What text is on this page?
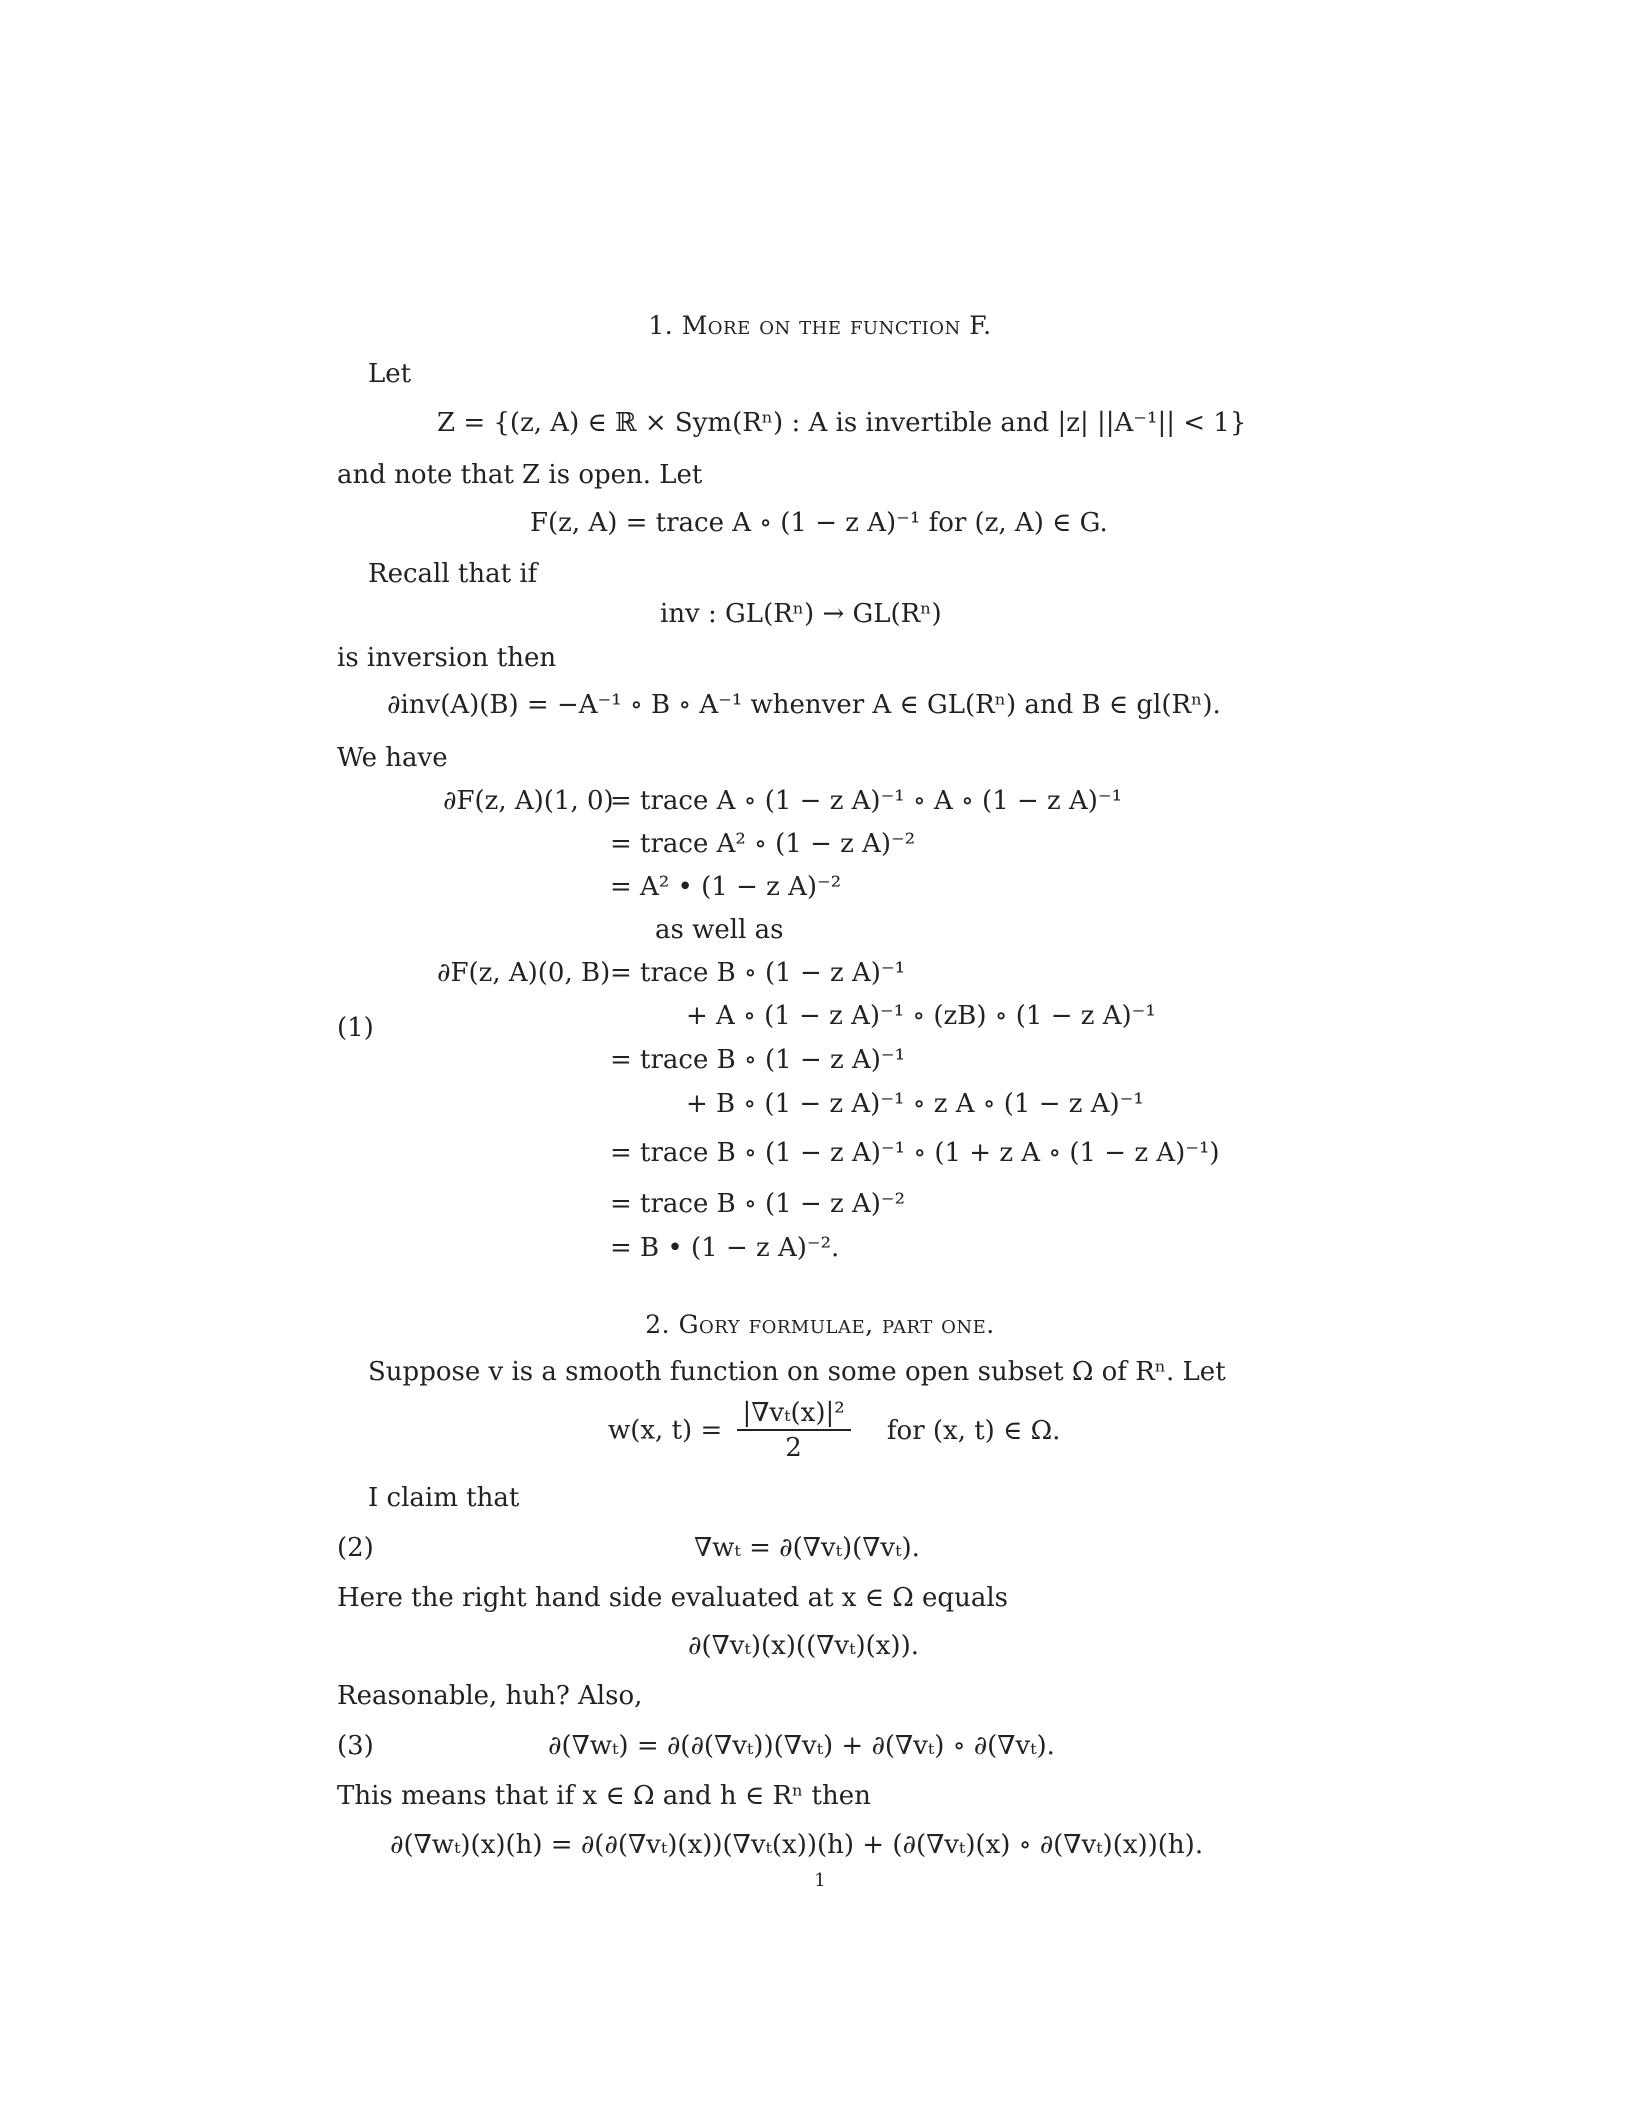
1. More on the function F.
Let
Z = {(z, A) ∈ ℝ × Sym(Rⁿ) : A is invertible and |z| ||A⁻¹|| < 1}
and note that Z is open. Let
F(z, A) = trace A ∘ (1 − z A)⁻¹ for (z, A) ∈ G.
Recall that if
inv : GL(Rⁿ) → GL(Rⁿ)
is inversion then
∂inv(A)(B) = −A⁻¹ ∘ B ∘ A⁻¹ whenver A ∈ GL(Rⁿ) and B ∈ gl(Rⁿ).
We have
∂F(z, A)(1, 0)
= trace A ∘ (1 − z A)⁻¹ ∘ A ∘ (1 − z A)⁻¹
= trace A² ∘ (1 − z A)⁻²
= A² • (1 − z A)⁻²
as well as
∂F(z, A)(0, B) = trace B ∘ (1 − z A)⁻¹
+ A ∘ (1 − z A)⁻¹ ∘ (zB) ∘ (1 − z A)⁻¹
(1)
= trace B ∘ (1 − z A)⁻¹
+ B ∘ (1 − z A)⁻¹ ∘ z A ∘ (1 − z A)⁻¹
= trace B ∘ (1 − z A)⁻¹ ∘ (1 + z A ∘ (1 − z A)⁻¹)
= trace B ∘ (1 − z A)⁻²
= B • (1 − z A)⁻².
2. Gory formulae, part one.
Suppose v is a smooth function on some open subset Ω of Rⁿ. Let
w(x, $t) = \frac{\text{|∇vₜ(x)|²}}{2}$ for (x, t) ∈ Ω.
I claim that
(2)	∇wₜ = ∂(∇vₜ)(∇vₜ).
Here the right hand side evaluated at x ∈ Ω equals
∂(∇vₜ)(x)((∇vₜ)(x)).
Reasonable, huh? Also,
(3)	∂(∇wₜ) = ∂(∂(∇vₜ))(∇vₜ) + ∂(∇vₜ) ∘ ∂(∇vₜ).
This means that if x ∈ Ω and h ∈ Rⁿ then
∂(∇wₜ)(x)(h) = ∂(∂(∇vₜ)(x))(∇vₜ(x))(h) + (∂(∇vₜ)(x) ∘ ∂(∇vₜ)(x))(h).
1
